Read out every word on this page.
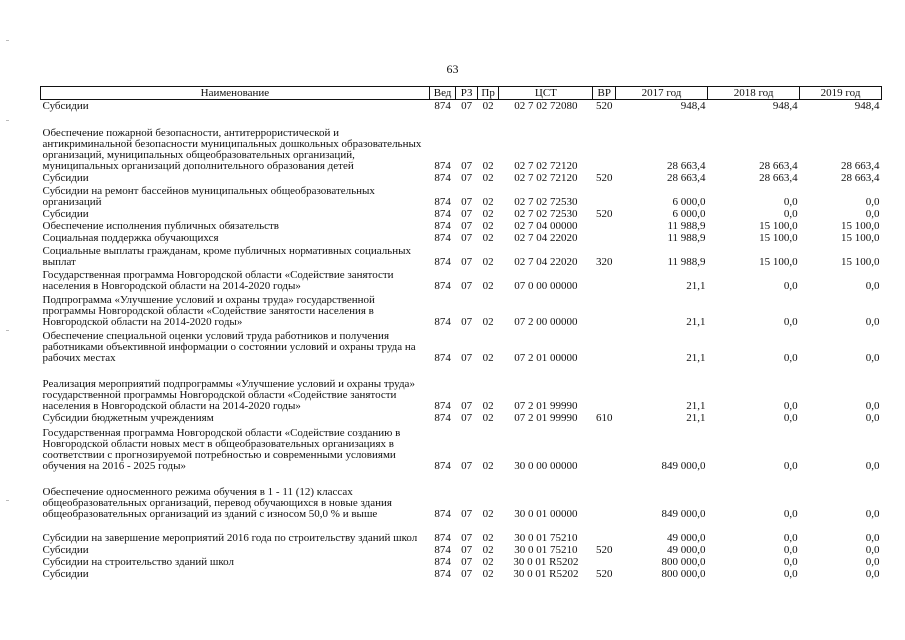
63
Наименование	Вед	РЗ	Пр	ЦСТ	ВР	2017 год	2018 год	2019 год
Субсидии	874	07	02	02 7 02 72080	520	948,4	948,4	948,4
Обеспечение пожарной безопасности, антитеррористической и антикриминальной безопасности муниципальных дошкольных образовательных организаций, муниципальных общеобразовательных организаций, муниципальных организаций дополнительного образования детей	874	07	02	02 7 02 72120		28 663,4	28 663,4	28 663,4
Субсидии	874	07	02	02 7 02 72120	520	28 663,4	28 663,4	28 663,4
Субсидии на ремонт бассейнов муниципальных общеобразовательных организаций	874	07	02	02 7 02 72530		6 000,0	0,0	0,0
Субсидии	874	07	02	02 7 02 72530	520	6 000,0	0,0	0,0
Обеспечение исполнения публичных обязательств	874	07	02	02 7 04 00000		11 988,9	15 100,0	15 100,0
Социальная поддержка обучающихся	874	07	02	02 7 04 22020		11 988,9	15 100,0	15 100,0
Социальные выплаты гражданам, кроме публичных нормативных социальных выплат	874	07	02	02 7 04 22020	320	11 988,9	15 100,0	15 100,0
Государственная программа Новгородской области «Содействие занятости населения в Новгородской области на 2014-2020 годы»	874	07	02	07 0 00 00000		21,1	0,0	0,0
Подпрограмма «Улучшение условий и охраны труда» государственной программы Новгородской области «Содействие занятости населения в Новгородской области на 2014-2020 годы»	874	07	02	07 2 00 00000		21,1	0,0	0,0
Обеспечение специальной оценки условий труда работников и получения работниками объективной информации о состоянии условий и охраны труда на рабочих местах	874	07	02	07 2 01 00000		21,1	0,0	0,0
Реализация мероприятий подпрограммы «Улучшение условий и охраны труда» государственной программы Новгородской области «Содействие занятости населения в Новгородской области на 2014-2020 годы»	874	07	02	07 2 01 99990		21,1	0,0	0,0
Субсидии бюджетным учреждениям	874	07	02	07 2 01 99990	610	21,1	0,0	0,0
Государственная программа Новгородской области «Содействие созданию в Новгородской области новых мест в общеобразовательных организациях в соответствии с прогнозируемой потребностью и современными условиями обучения на 2016 - 2025 годы»	874	07	02	30 0 00 00000		849 000,0	0,0	0,0
Обеспечение односменного режима обучения в 1 - 11 (12) классах общеобразовательных организаций, перевод обучающихся в новые здания общеобразовательных организаций из зданий с износом 50,0 % и выше	874	07	02	30 0 01 00000		849 000,0	0,0	0,0
Субсидии на завершение мероприятий 2016 года по строительству зданий школ	874	07	02	30 0 01 75210		49 000,0	0,0	0,0
Субсидии	874	07	02	30 0 01 75210	520	49 000,0	0,0	0,0
Субсидии на строительство зданий школ	874	07	02	30 0 01 R5202		800 000,0	0,0	0,0
Субсидии	874	07	02	30 0 01 R5202	520	800 000,0	0,0	0,0
